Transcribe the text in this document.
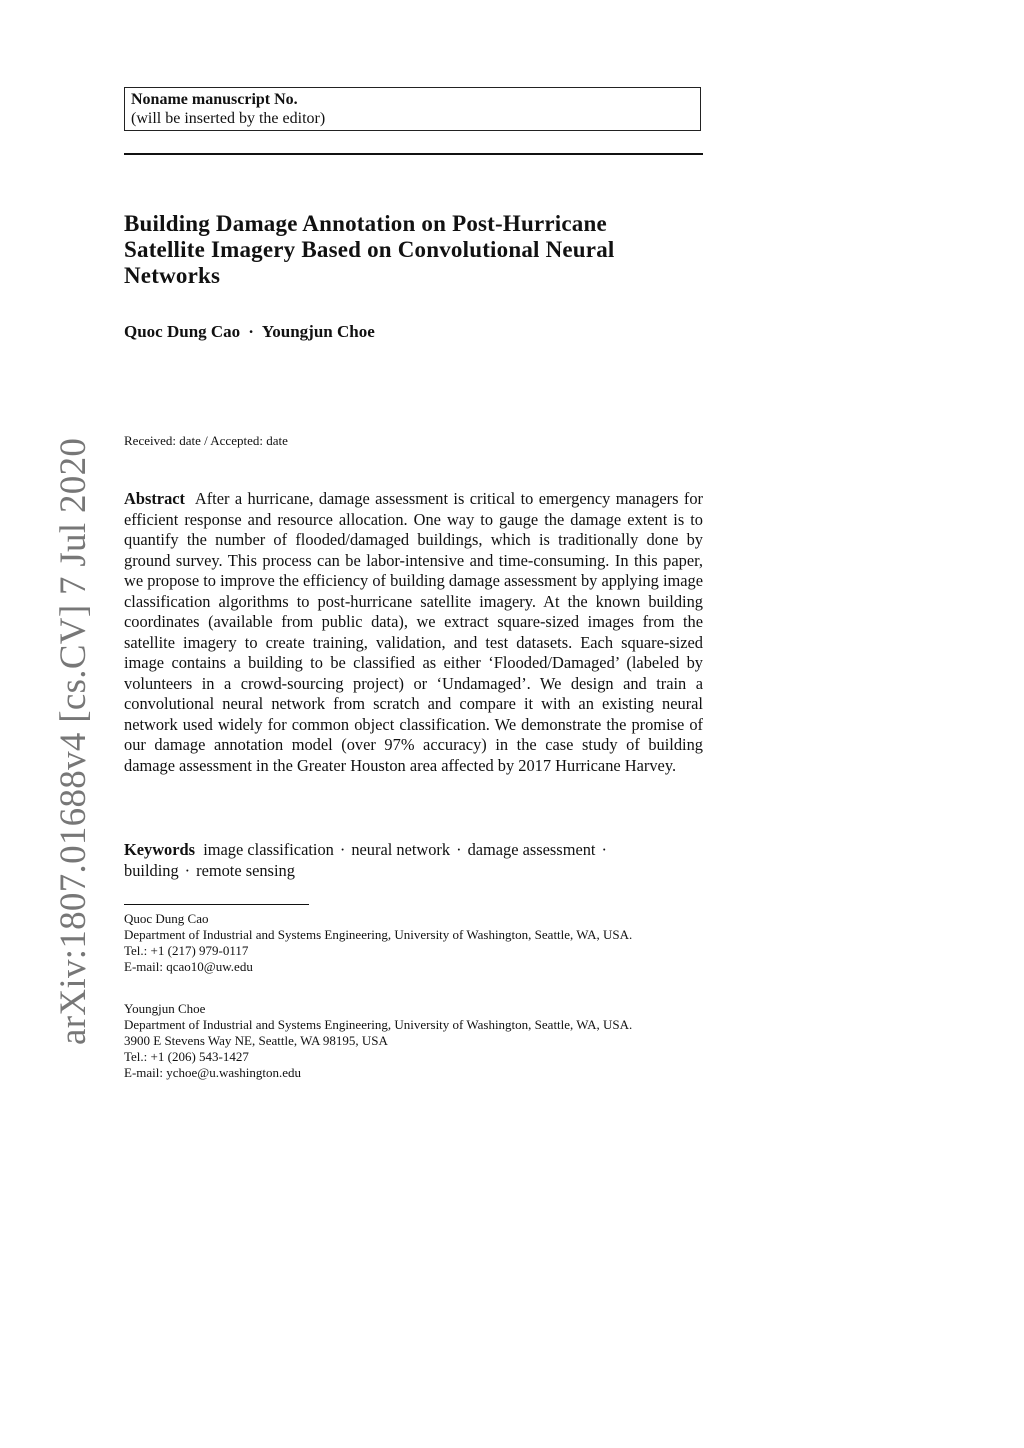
Noname manuscript No.
(will be inserted by the editor)
Building Damage Annotation on Post-Hurricane
Satellite Imagery Based on Convolutional Neural
Networks
Quoc Dung Cao · Youngjun Choe
Received: date / Accepted: date
Abstract After a hurricane, damage assessment is critical to emergency managers for efficient response and resource allocation. One way to gauge the damage extent is to quantify the number of flooded/damaged buildings, which is traditionally done by ground survey. This process can be labor-intensive and time-consuming. In this paper, we propose to improve the efficiency of building damage assessment by applying image classification algorithms to post-hurricane satellite imagery. At the known building coordinates (available from public data), we extract square-sized images from the satellite imagery to create training, validation, and test datasets. Each square-sized image contains a building to be classified as either ‘Flooded/Damaged’ (labeled by volunteers in a crowd-sourcing project) or ‘Undamaged’. We design and train a convolutional neural network from scratch and compare it with an existing neural network used widely for common object classification. We demonstrate the promise of our damage annotation model (over 97% accuracy) in the case study of building damage assessment in the Greater Houston area affected by 2017 Hurricane Harvey.
Keywords image classification · neural network · damage assessment ·
building · remote sensing
Quoc Dung Cao
Department of Industrial and Systems Engineering, University of Washington, Seattle, WA, USA.
Tel.: +1 (217) 979-0117
E-mail: qcao10@uw.edu
Youngjun Choe
Department of Industrial and Systems Engineering, University of Washington, Seattle, WA, USA.
3900 E Stevens Way NE, Seattle, WA 98195, USA
Tel.: +1 (206) 543-1427
E-mail: ychoe@u.washington.edu
arXiv:1807.01688v4 [cs.CV] 7 Jul 2020
